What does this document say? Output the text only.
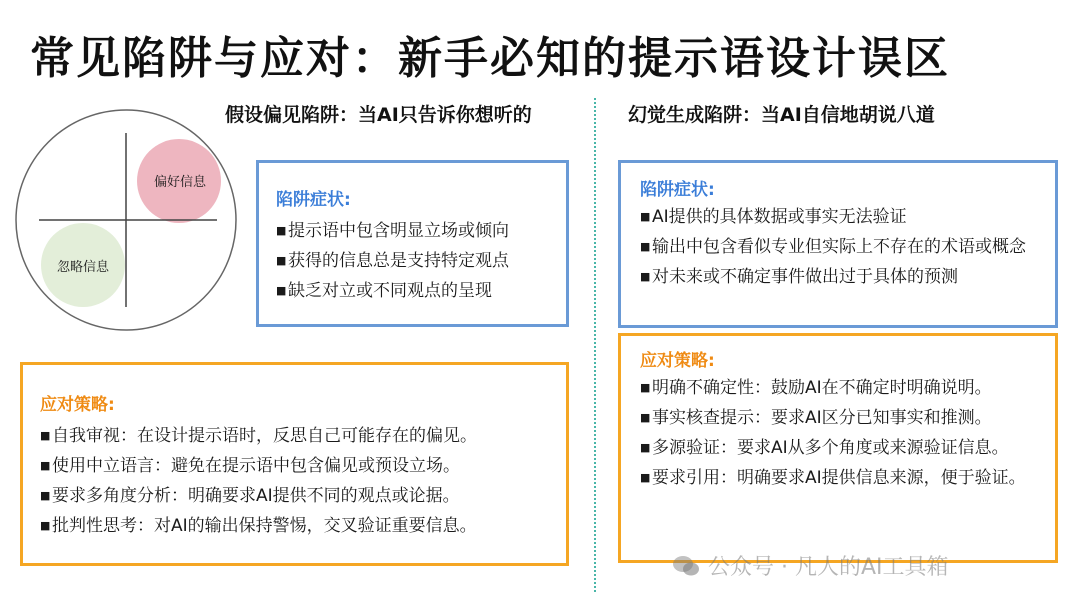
常见陷阱与应对：新手必知的提示语设计误区
假设偏见陷阱：当AI只告诉你想听的
偏好信息
忽略信息
陷阱症状:
■提示语中包含明显立场或倾向
■获得的信息总是支持特定观点
■缺乏对立或不同观点的呈现
应对策略:
■自我审视：在设计提示语时，反思自己可能存在的偏见。
■使用中立语言：避免在提示语中包含偏见或预设立场。
■要求多角度分析：明确要求AI提供不同的观点或论据。
■批判性思考：对AI的输出保持警惕，交叉验证重要信息。
幻觉生成陷阱：当AI自信地胡说八道
陷阱症状:
■AI提供的具体数据或事实无法验证
■输出中包含看似专业但实际上不存在的术语或概念
■对未来或不确定事件做出过于具体的预测
应对策略:
■明确不确定性：鼓励AI在不确定时明确说明。
■事实核查提示：要求AI区分已知事实和推测。
■多源验证：要求AI从多个角度或来源验证信息。
■要求引用：明确要求AI提供信息来源，便于验证。
公众号 · 凡人的AI工具箱
